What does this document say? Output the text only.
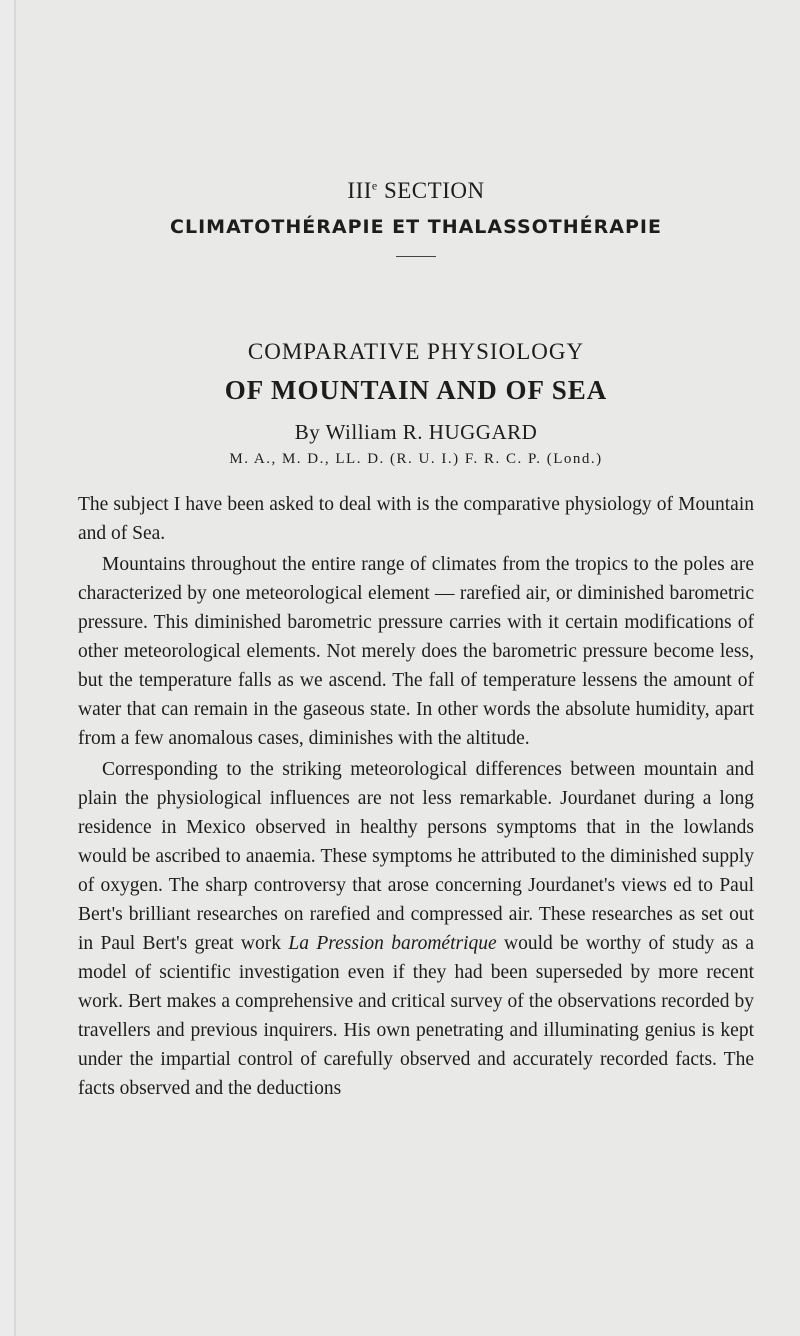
IIIe SECTION
CLIMATOTHÉRAPIE ET THALASSOTHÉRAPIE
COMPARATIVE PHYSIOLOGY
OF MOUNTAIN AND OF SEA
By William R. HUGGARD
M. A., M. D., LL. D. (R. U. I.) F. R. C. P. (Lond.)

The subject I have been asked to deal with is the comparative physiology of Mountain and of Sea.

Mountains throughout the entire range of climates from the tropics to the poles are characterized by one meteorological element — rarefied air, or diminished barometric pressure. This diminished barometric pressure carries with it certain modifications of other meteorological elements. Not merely does the barometric pressure become less, but the temperature falls as we ascend. The fall of temperature lessens the amount of water that can remain in the gaseous state. In other words the absolute humidity, apart from a few anomalous cases, diminishes with the altitude.

Corresponding to the striking meteorological differences between mountain and plain the physiological influences are not less remarkable. Jourdanet during a long residence in Mexico observed in healthy persons symptoms that in the lowlands would be ascribed to anaemia. These symptoms he attributed to the diminished supply of oxygen. The sharp controversy that arose concerning Jourdanet's views ed to Paul Bert's brilliant researches on rarefied and compressed air. These researches as set out in Paul Bert's great work La Pression barométrique would be worthy of study as a model of scientific investigation even if they had been superseded by more recent work. Bert makes a comprehensive and critical survey of the observations recorded by travellers and previous inquirers. His own penetrating and illuminating genius is kept under the impartial control of carefully observed and accurately recorded facts. The facts observed and the deductions
